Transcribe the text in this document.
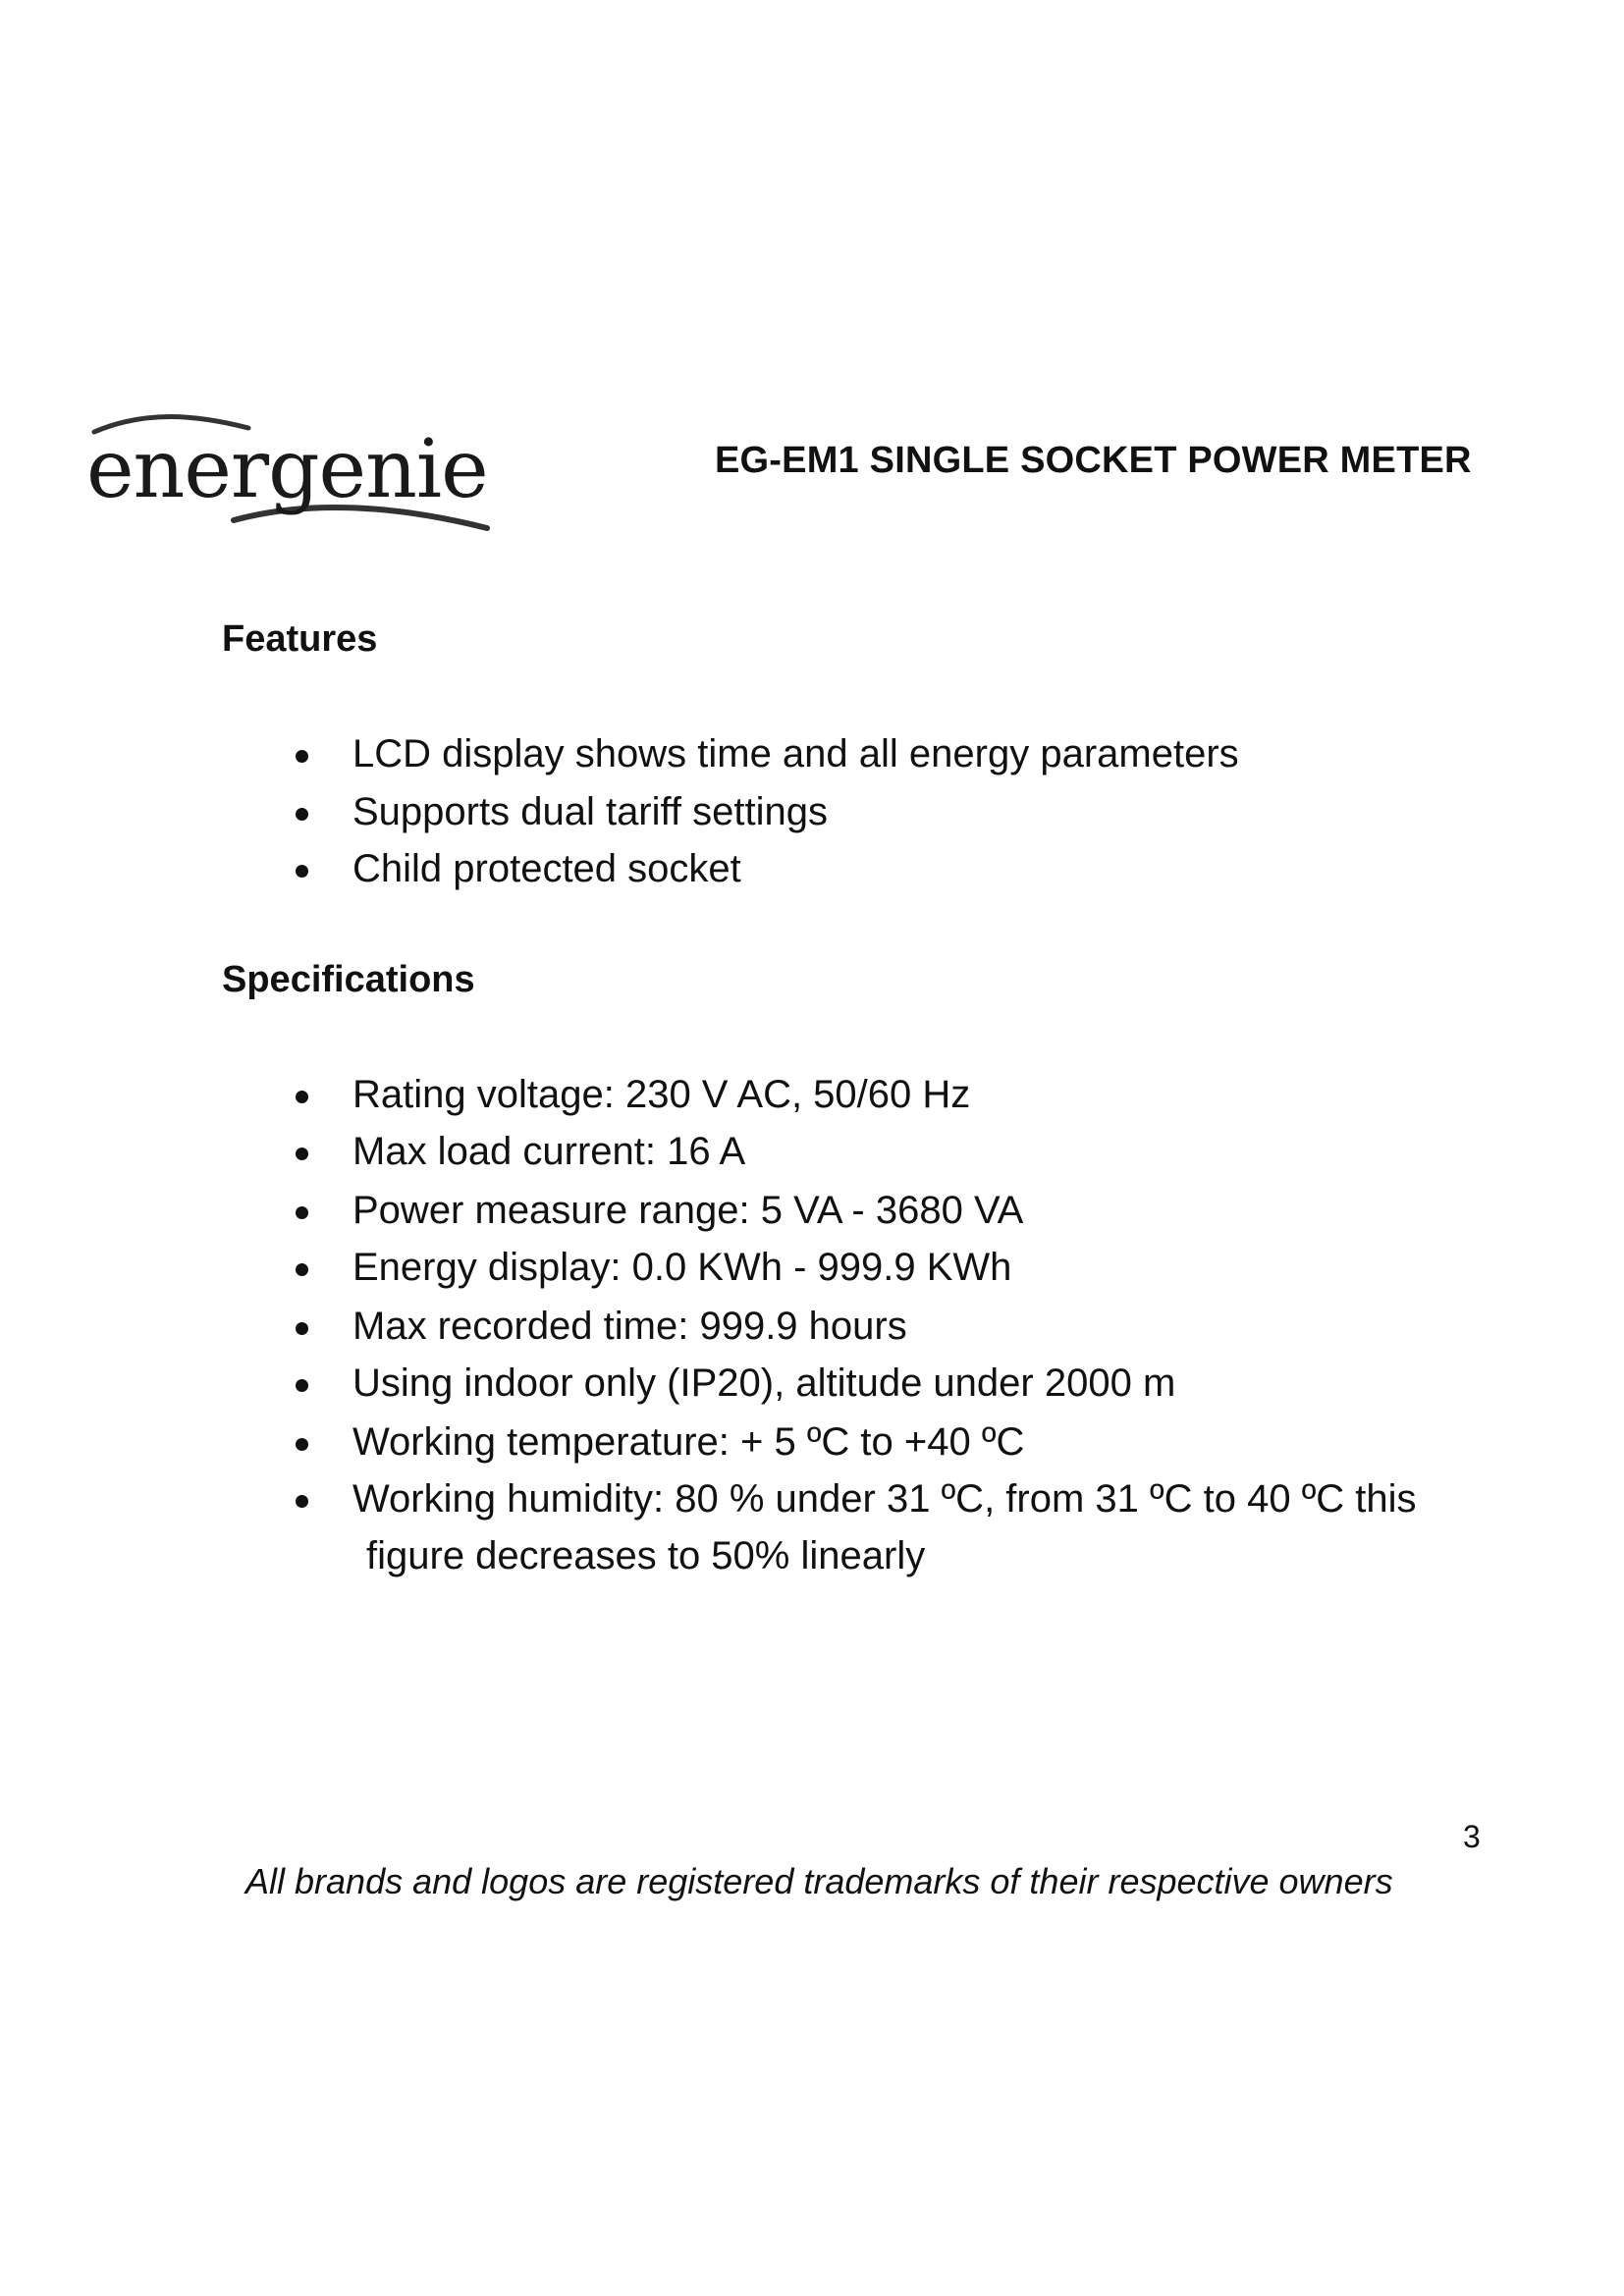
energenie	EG-EM1 SINGLE SOCKET POWER METER
Features
LCD display shows time and all energy parameters
Supports dual tariff settings
Child protected socket
Specifications
Rating voltage: 230 V AC, 50/60 Hz
Max load current: 16 A
Power measure range: 5 VA - 3680 VA
Energy display: 0.0 KWh - 999.9 KWh
Max recorded time: 999.9 hours
Using indoor only (IP20), altitude under 2000 m
Working temperature: + 5 ºC to +40 ºC
Working humidity: 80 % under 31 ºC, from 31 ºC to 40 ºC this
figure decreases to 50% linearly
3
All brands and logos are registered trademarks of their respective owners
